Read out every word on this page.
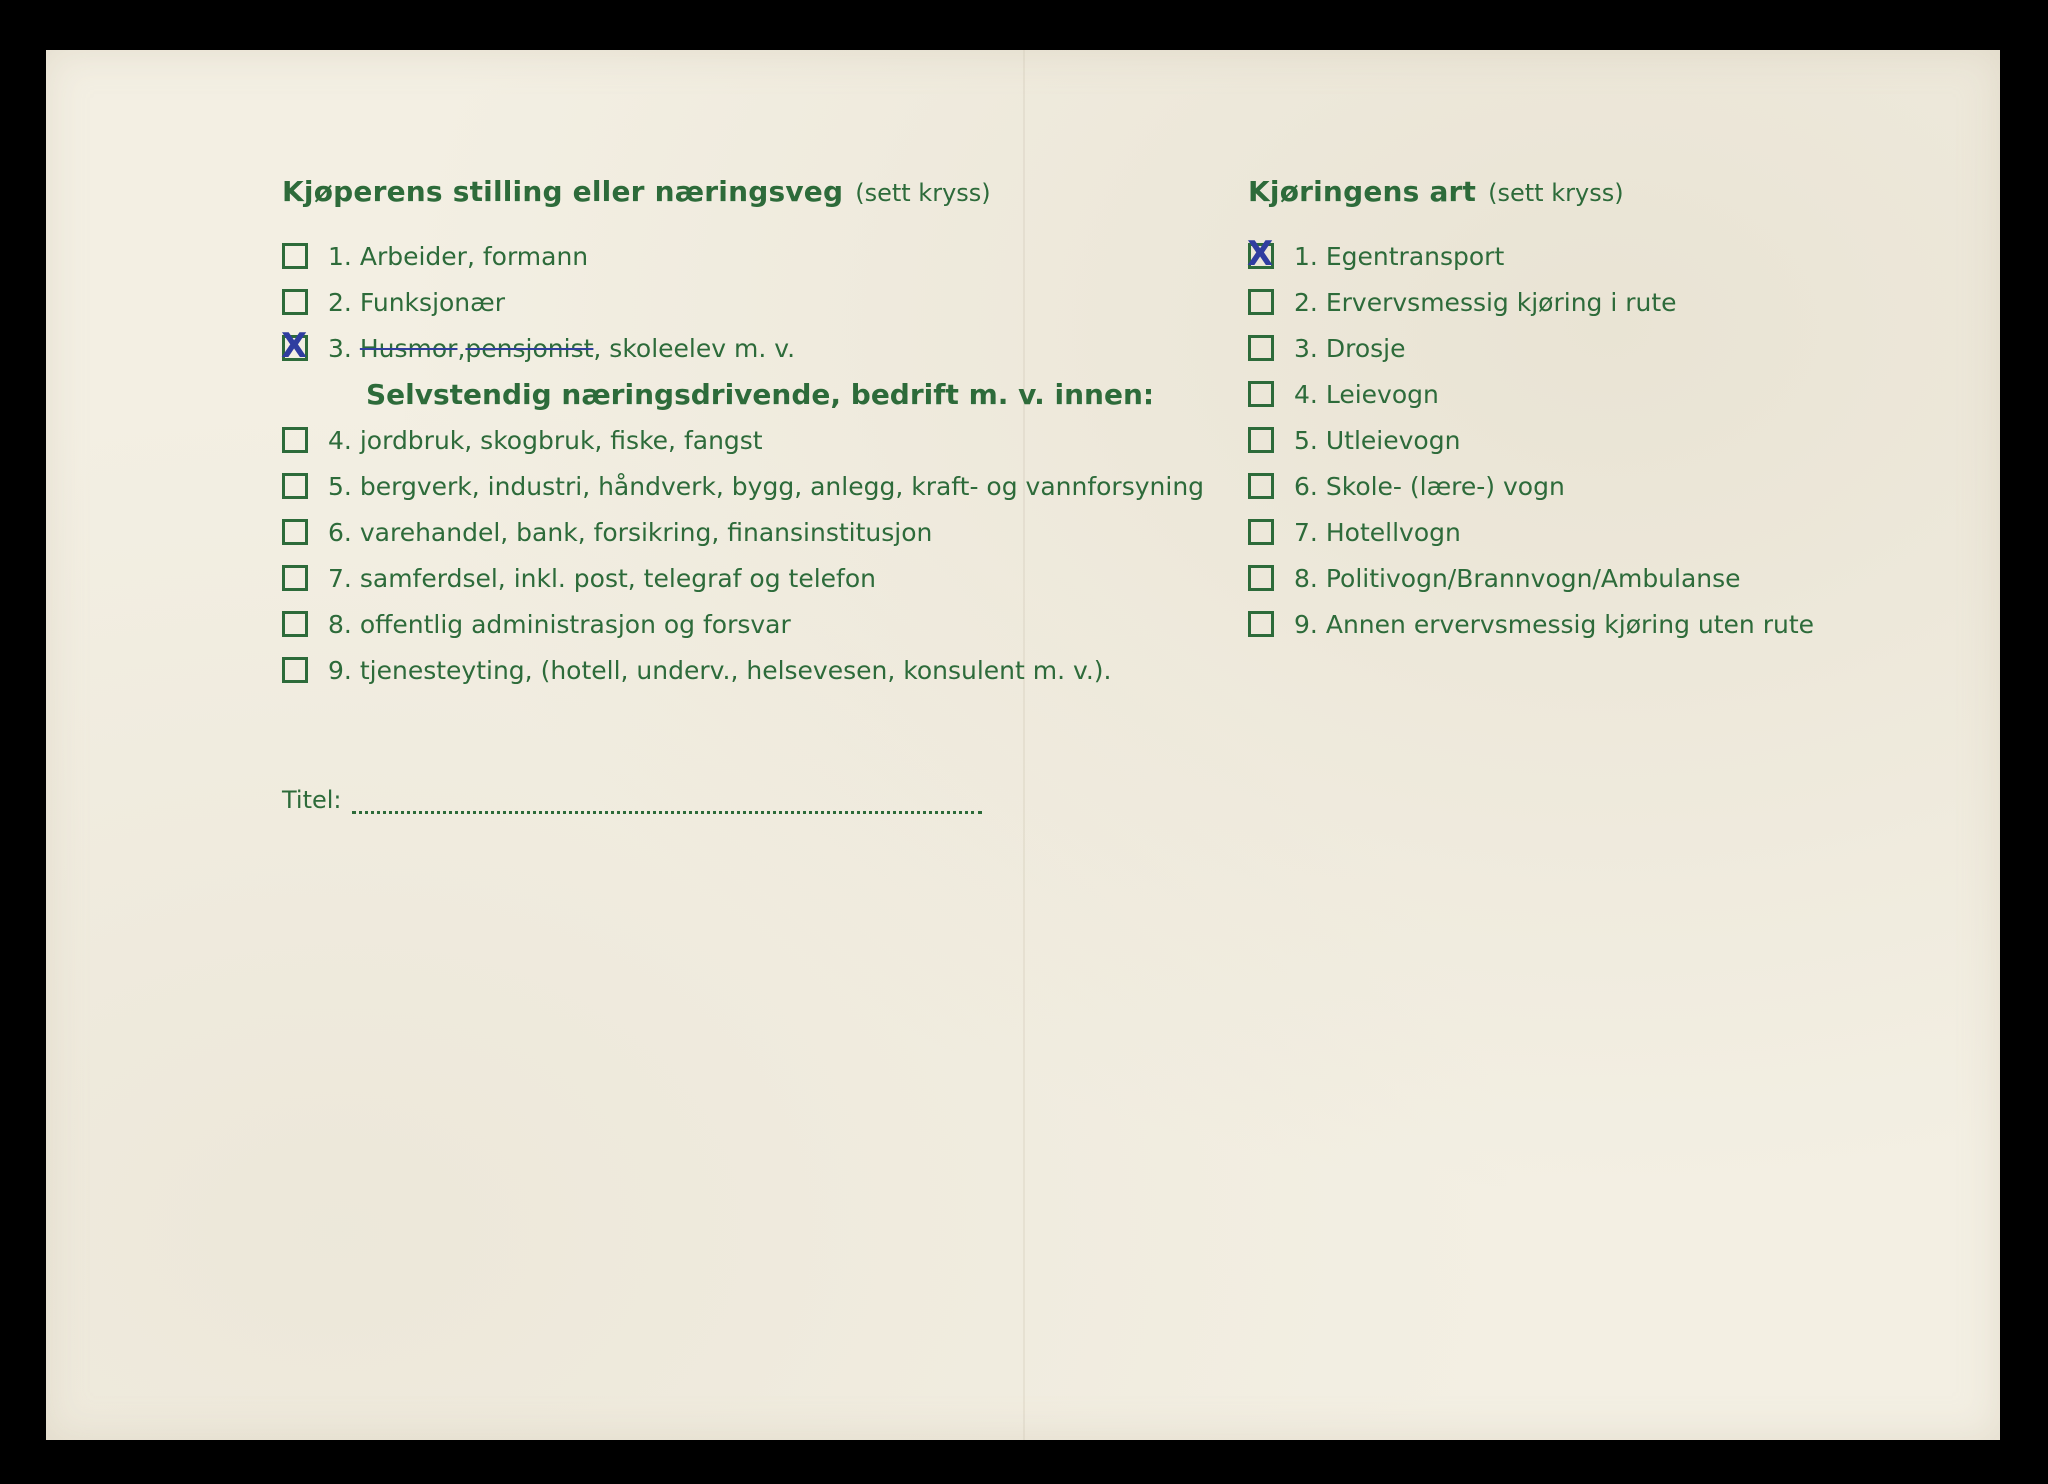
Kjøperens stilling eller næringsveg (sett kryss)
1. Arbeider, formann
2. Funksjonær
X 3. Husmor , pensjonist , skoleelev m. v.
Selvstendig næringsdrivende, bedrift m. v. innen:
4. jordbruk, skogbruk, fiske, fangst
5. bergverk, industri, håndverk, bygg, anlegg, kraft- og vannforsyning
6. varehandel, bank, forsikring, finansinstitusjon
7. samferdsel, inkl. post, telegraf og telefon
8. offentlig administrasjon og forsvar
9. tjenesteyting, (hotell, underv., helsevesen, konsulent m. v.).
Kjøringens art (sett kryss)
X 1. Egentransport
2. Ervervsmessig kjøring i rute
3. Drosje
4. Leievogn
5. Utleievogn
6. Skole- (lære-) vogn
7. Hotellvogn
8. Politivogn/Brannvogn/Ambulanse
9. Annen ervervsmessig kjøring uten rute
Titel:
